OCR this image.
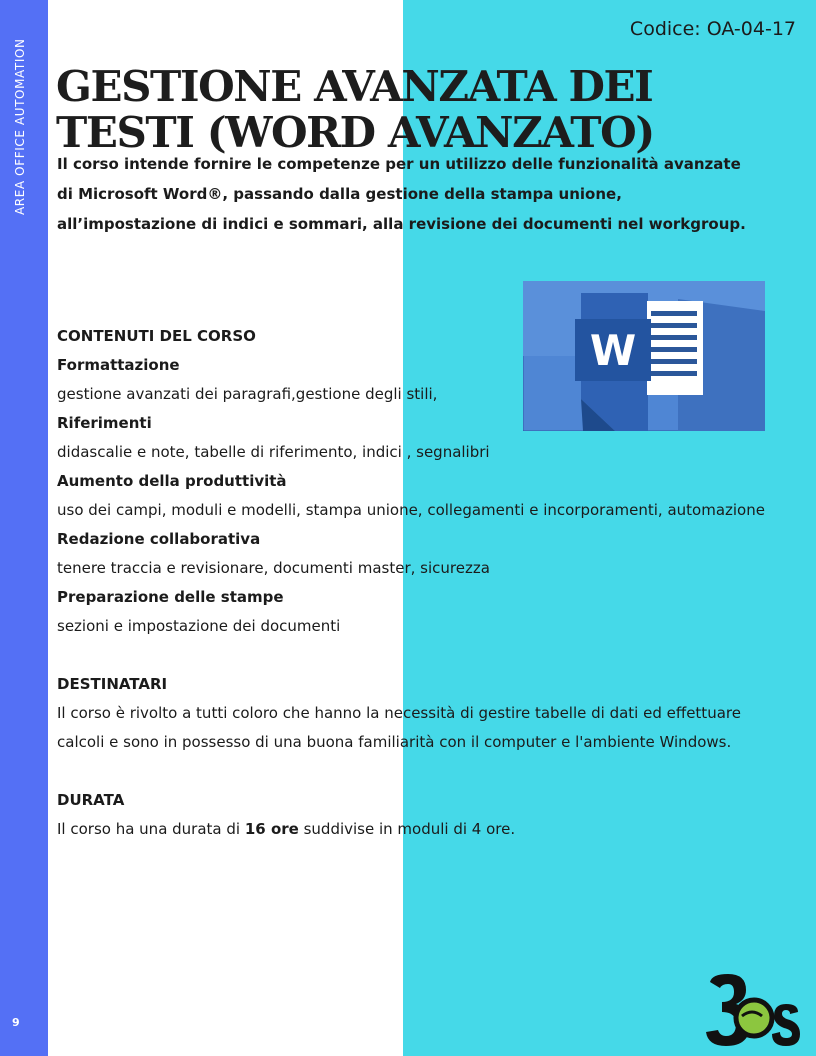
AREA OFFICE AUTOMATION
9
Codice: OA-04-17
GESTIONE AVANZATA DEI
TESTI (WORD AVANZATO)

Il corso intende fornire le competenze per un utilizzo delle funzionalità avanzate di Microsoft Word®, passando dalla gestione della stampa unione, all’impostazione di indici e sommari, alla revisione dei documenti nel workgroup.

W

CONTENUTI DEL CORSO

Formattazione

gestione avanzati dei paragrafi,gestione degli stili,

Riferimenti

didascalie e note, tabelle di riferimento, indici , segnalibri

Aumento della produttività

uso dei campi, moduli e modelli, stampa unione, collegamenti e incorporamenti, automazione

Redazione collaborativa

tenere traccia e revisionare, documenti master, sicurezza

Preparazione delle stampe

sezioni e impostazione dei documenti

DESTINATARI

Il corso è rivolto a tutti coloro che hanno la necessità di gestire tabelle di dati ed effettuare calcoli e sono in possesso di una buona familiarità con il computer e l'ambiente Windows.

DURATA

Il corso ha una durata di 16 ore suddivise in moduli di 4 ore.
